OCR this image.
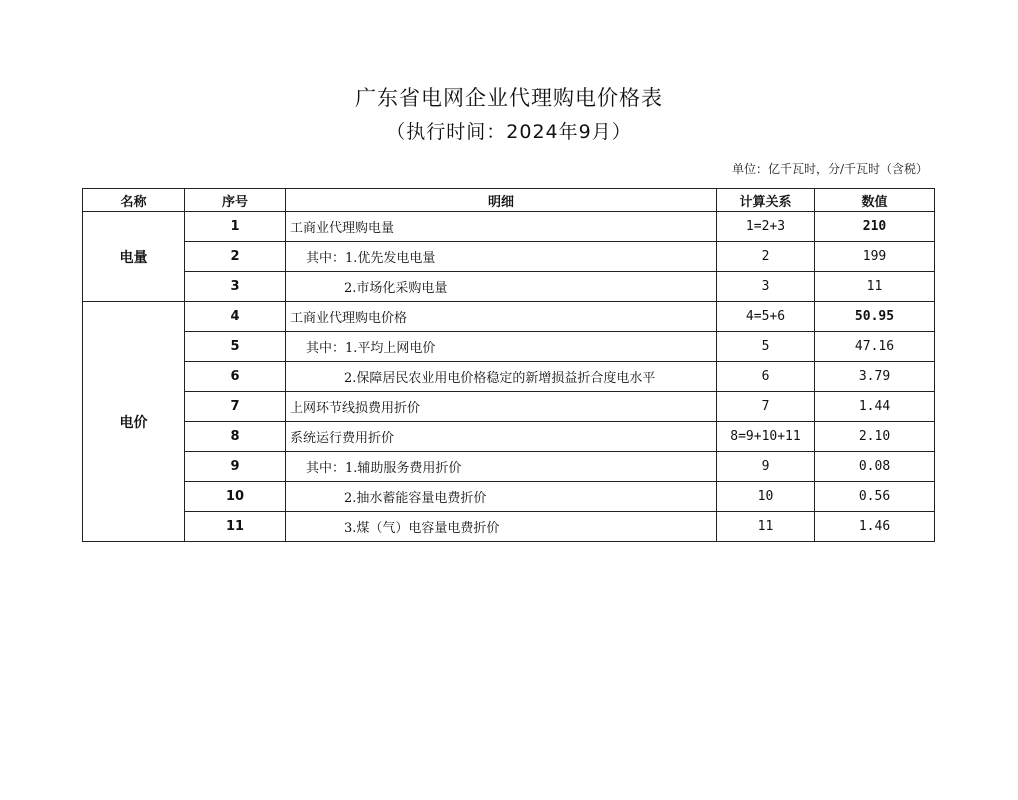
广东省电网企业代理购电价格表
（执行时间：2024年9月）
单位：亿千瓦时，分/千瓦时（含税）
名称	序号	明细	计算关系	数值
电量	1	工商业代理购电量	1=2+3	210
	2	其中：1.优先发电电量	2	199
	3	2.市场化采购电量	3	11
电价	4	工商业代理购电价格	4=5+6	50.95
	5	其中：1.平均上网电价	5	47.16
	6	2.保障居民农业用电价格稳定的新增损益折合度电水平	6	3.79
	7	上网环节线损费用折价	7	1.44
	8	系统运行费用折价	8=9+10+11	2.10
	9	其中：1.辅助服务费用折价	9	0.08
	10	2.抽水蓄能容量电费折价	10	0.56
	11	3.煤（气）电容量电费折价	11	1.46
